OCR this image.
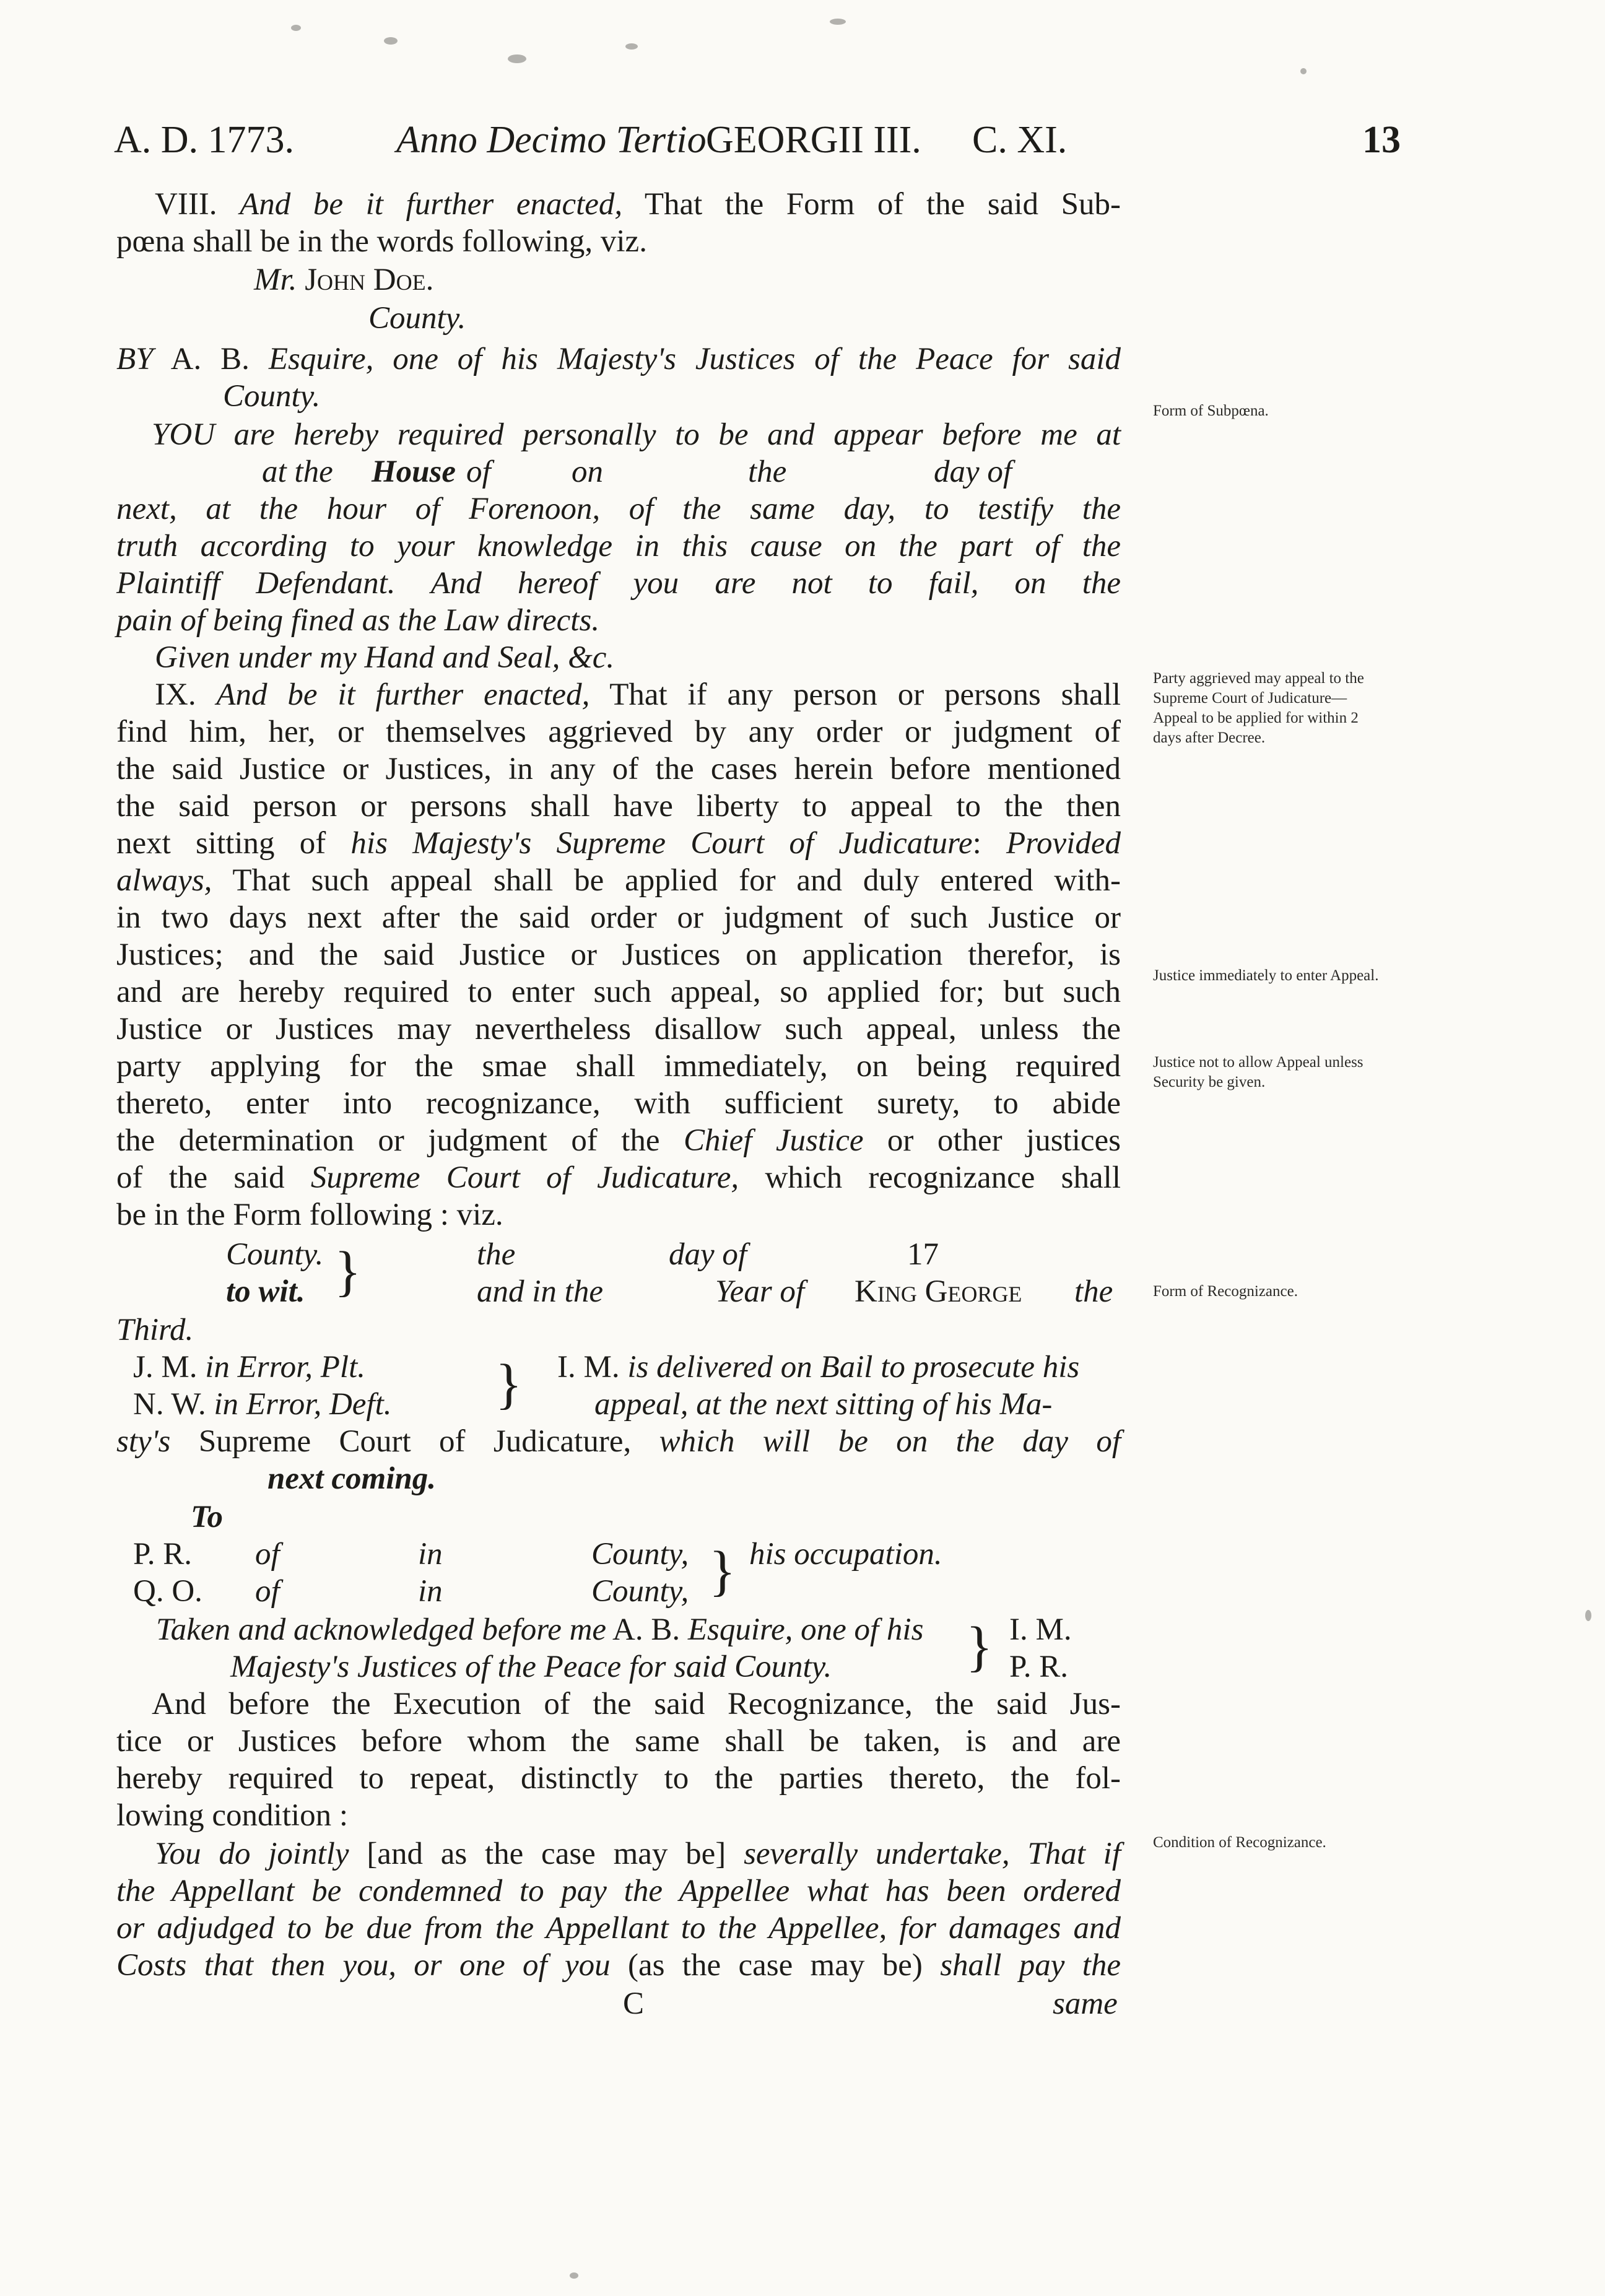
A. D. 1773.	Anno Decimo Tertio GEORGII III. C. XI.	13
VIII. And be it further enacted, That the Form of the said Sub-
pœna shall be in the words following, viz.
Mr. John Doe.
County.
BY A. B. Esquire, one of his Majesty's Justices of the Peace for said
County.
YOU are hereby required personally to be and appear before me at
at the House of	on	the	day of
next, at the hour of Forenoon, of the same day, to testify the
truth according to your knowledge in this cause on the part of the
Plaintiff Defendant. And hereof you are not to fail, on the
pain of being fined as the Law directs.
Given under my Hand and Seal, &c.
IX. And be it further enacted, That if any person or persons shall
find him, her, or themselves aggrieved by any order or judgment of
the said Justice or Justices, in any of the cases herein before mentioned
the said person or persons shall have liberty to appeal to the then
next sitting of his Majesty's Supreme Court of Judicature: Provided
always, That such appeal shall be applied for and duly entered with-
in two days next after the said order or judgment of such Justice or
Justices; and the said Justice or Justices on application therefor, is
and are hereby required to enter such appeal, so applied for; but such
Justice or Justices may nevertheless disallow such appeal, unless the
party applying for the smae shall immediately, on being required
thereto, enter into recognizance, with sufficient surety, to abide
the determination or judgment of the Chief Justice or other justices
of the said Supreme Court of Judicature, which recognizance shall
be in the Form following : viz.
County.
to wit. }	the	day of	17
and in the	Year of King George the
Third.
J. M. in Error, Plt.
N. W. in Error, Deft. } I. M. is delivered on Bail to prosecute his
appeal, at the next sitting of his Ma-
sty's Supreme Court of Judicature, which will be on the day of
next coming.
To
P. R. of	in	County,
Q. O. of	in	County, } his occupation.
Taken and acknowledged before me A. B. Esquire, one of his
Majesty's Justices of the Peace for said County. } I. M.
P. R.
And before the Execution of the said Recognizance, the said Jus-
tice or Justices before whom the same shall be taken, is and are
hereby required to repeat, distinctly to the parties thereto, the fol-
lowing condition :
You do jointly [and as the case may be] severally undertake, That if
the Appellant be condemned to pay the Appellee what has been ordered
or adjudged to be due from the Appellant to the Appellee, for damages and
Costs that then you, or one of you (as the case may be) shall pay the
C	same
Form of Subpœna.
Party aggrieved may appeal to the Supreme Court of Judicature— Appeal to be applied for within 2 days after Decree.
Justice immediately to enter Appeal.
Justice not to allow Appeal unless Security be given.
Form of Recognizance.
Condition of Recognizance.
